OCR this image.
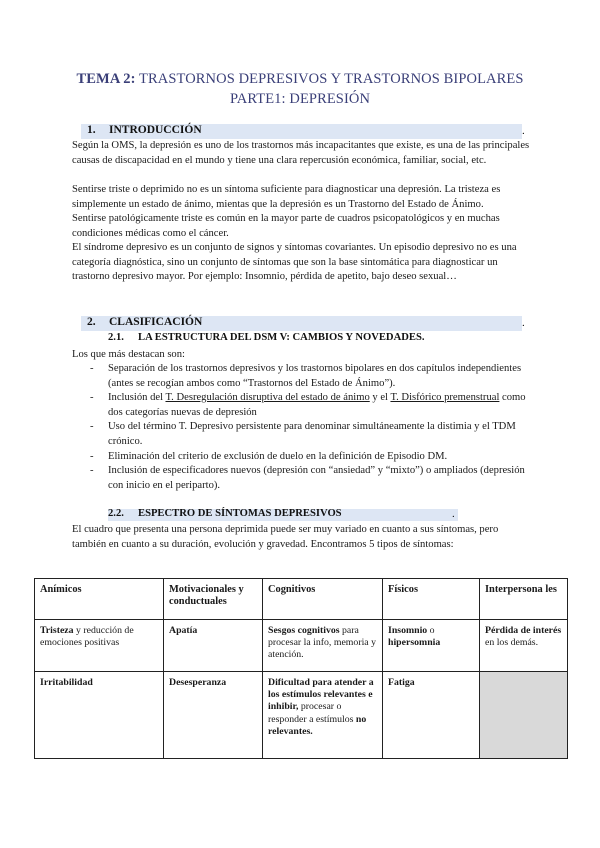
TEMA 2: TRASTORNOS DEPRESIVOS Y TRASTORNOS BIPOLARES
PARTE1: DEPRESIÓN
1. INTRODUCCIÓN	.
Según la OMS, la depresión es uno de los trastornos más incapacitantes que existe, es una de las principales causas de discapacidad en el mundo y tiene una clara repercusión económica, familiar, social, etc.
Sentirse triste o deprimido no es un síntoma suficiente para diagnosticar una depresión. La tristeza es simplemente un estado de ánimo, mientas que la depresión es un Trastorno del Estado de Ánimo.
Sentirse patológicamente triste es común en la mayor parte de cuadros psicopatológicos y en muchas condiciones médicas como el cáncer.
El síndrome depresivo es un conjunto de signos y síntomas covariantes. Un episodio depresivo no es una categoría diagnóstica, sino un conjunto de síntomas que son la base sintomática para diagnosticar un trastorno depresivo mayor. Por ejemplo: Insomnio, pérdida de apetito, bajo deseo sexual…
2. CLASIFICACIÓN	.
2.1. LA ESTRUCTURA DEL DSM V: CAMBIOS Y NOVEDADES.
Los que más destacan son:
- Separación de los trastornos depresivos y los trastornos bipolares en dos capítulos independientes (antes se recogían ambos como “Trastornos del Estado de Ánimo”).
- Inclusión del T. Desregulación disruptiva del estado de ánimo y el T. Disfórico premenstrual como dos categorías nuevas de depresión
- Uso del término T. Depresivo persistente para denominar simultáneamente la distimia y el TDM crónico.
- Eliminación del criterio de exclusión de duelo en la definición de Episodio DM.
- Inclusión de especificadores nuevos (depresión con “ansiedad” y “mixto”) o ampliados (depresión con inicio en el periparto).
2.2. ESPECTRO DE SÍNTOMAS DEPRESIVOS	.
El cuadro que presenta una persona deprimida puede ser muy variado en cuanto a sus síntomas, pero también en cuanto a su duración, evolución y gravedad. Encontramos 5 tipos de síntomas:
Anímicos	Motivacionales y conductuales	Cognitivos	Físicos	Interpersona les
Tristeza y reducción de emociones positivas	Apatía	Sesgos cognitivos para procesar la info, memoria y atención.	Insomnio o hipersomnia	Pérdida de interés en los demás.
Irritabilidad	Desesperanza	Dificultad para atender a los estímulos relevantes e inhibir, procesar o responder a estímulos no relevantes.	Fatiga	
